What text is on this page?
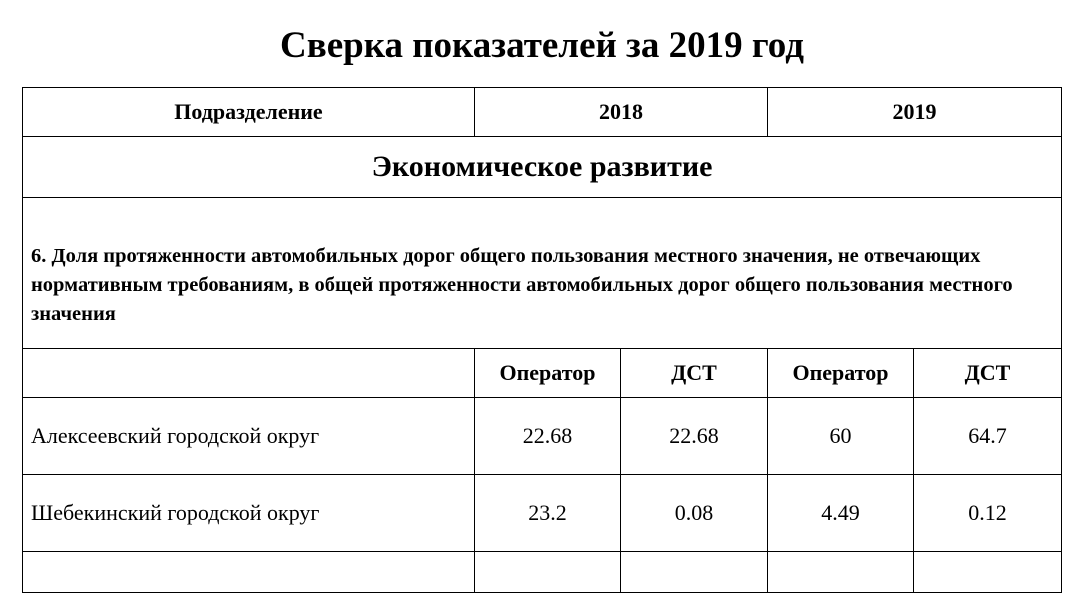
Сверка показателей за 2019 год
Подразделение	2018		2019	
Экономическое развитие				

6. Доля протяженности автомобильных дорог общего пользования местного значения, не отвечающих нормативным требованиям, в общей протяженности автомобильных дорог общего пользования местного значения				

	Оператор	ДСТ	Оператор	ДСТ
Алексеевский городской округ	22.68	22.68	60	64.7
Шебекинский городской округ	23.2	0.08	4.49	0.12
